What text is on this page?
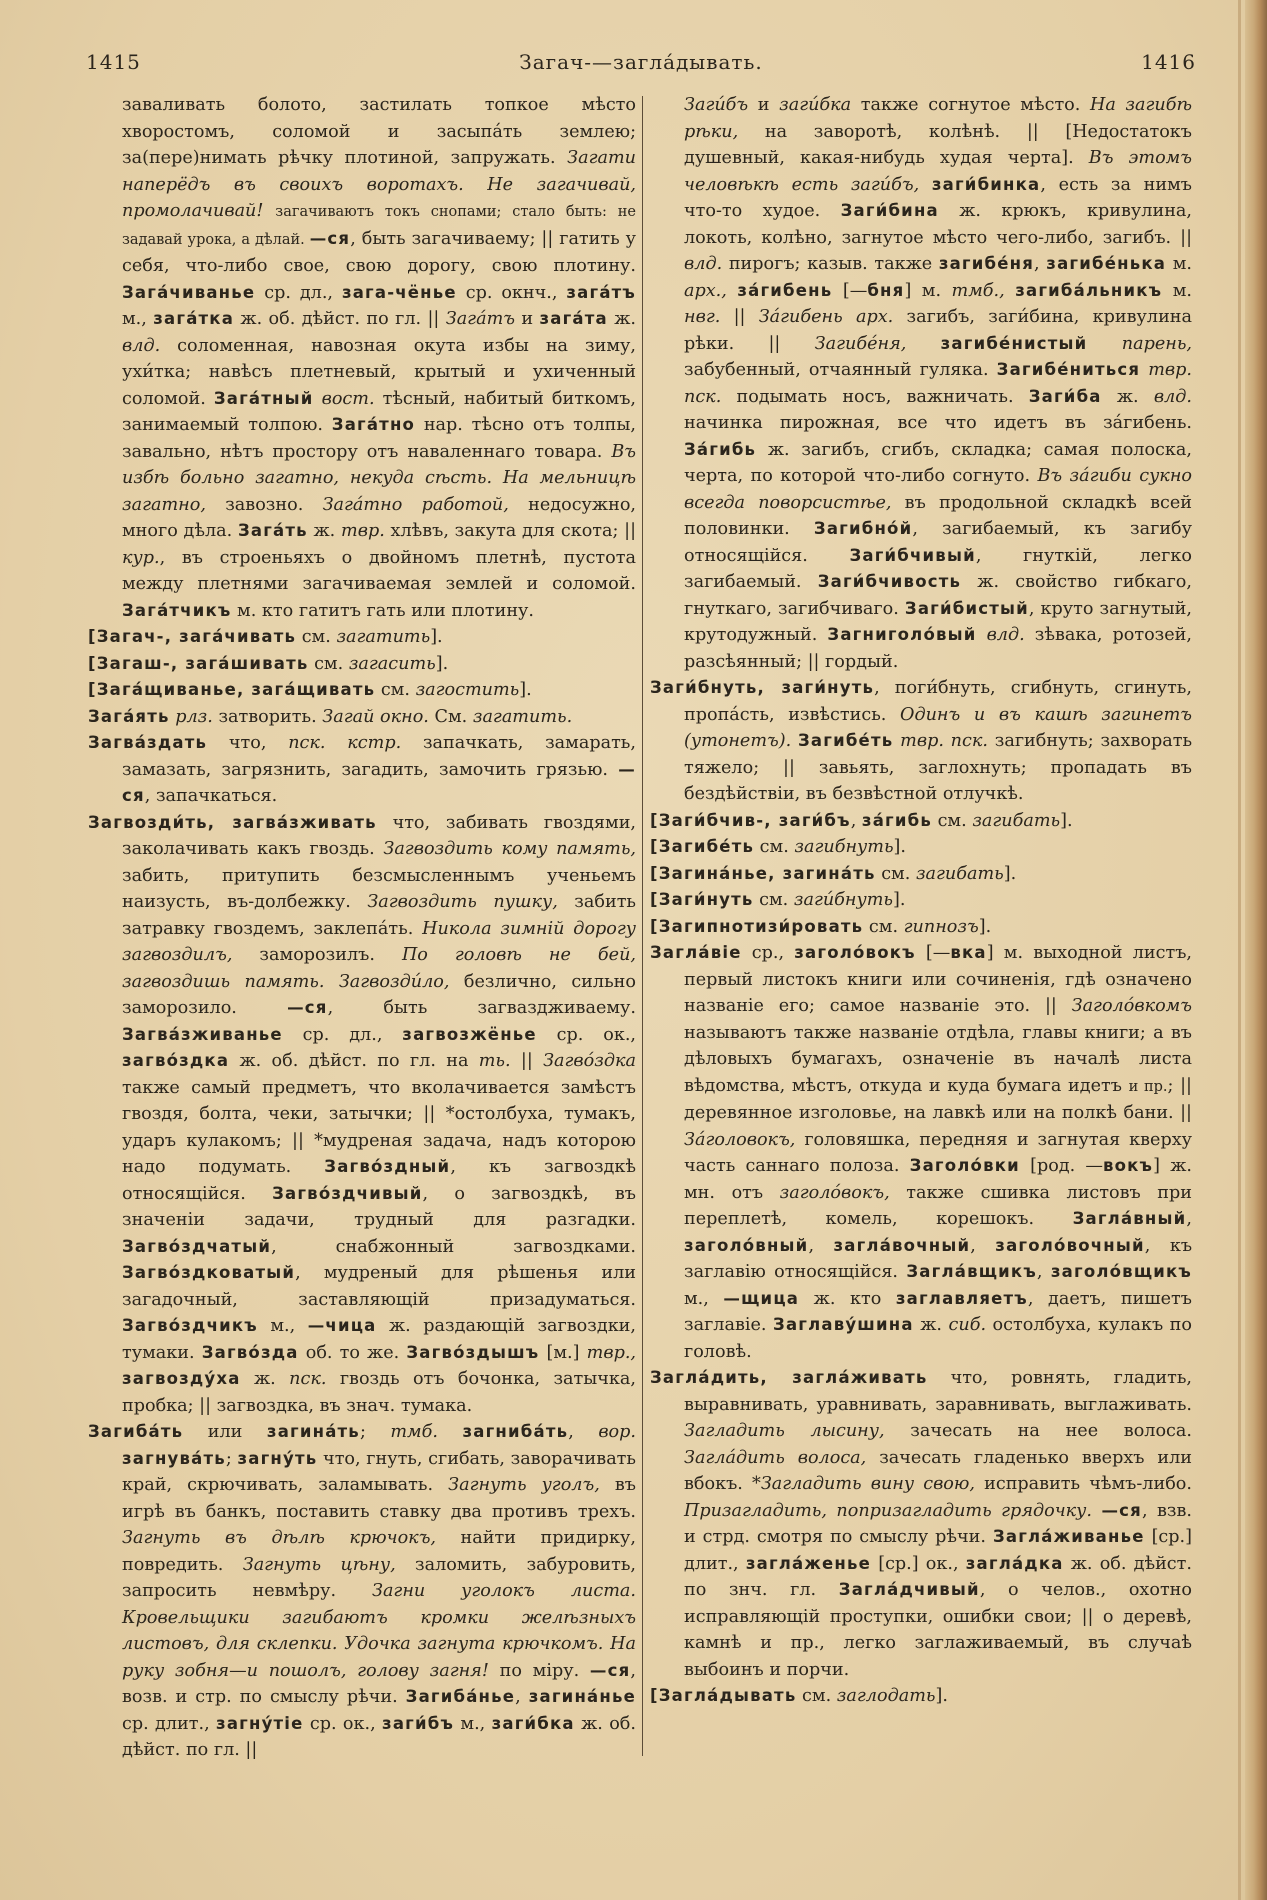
1415	Загач-—загла́дывать.	1416

заваливать болото, застилать топкое мѣсто хворостомъ, соломой и засыпа́ть землею; за(пере)нимать рѣчку плотиной, запружать. Загати наперёдъ въ своихъ воротахъ. Не загачивай, промолачивай! загачиваютъ токъ снопами; стало быть: не задавай урока, а дѣлай. —ся, быть загачиваему; || гатить у себя, что-либо свое, свою дорогу, свою плотину. Зага́чиванье ср. дл., зага-чёнье ср. окнч., зага́тъ м., зага́тка ж. об. дѣйст. по гл. || Зага́тъ и зага́та ж. влд. соломенная, навозная окута избы на зиму, ухи́тка; навѣсъ плетневый, крытый и ухиченный соломой. Зага́тный вост. тѣсный, набитый биткомъ, занимаемый толпою. Зага́тно нар. тѣсно отъ толпы, завально, нѣтъ простору отъ наваленнаго товара. Въ избѣ больно загатно, некуда сѣсть. На мельницѣ загатно, завозно. Зага́тно работой, недосужно, много дѣла. Зага́ть ж. твр. хлѣвъ, закута для скота; || кур., въ строеньяхъ о двойномъ плетнѣ, пустота между плетнями загачиваемая землей и соломой. Зага́тчикъ м. кто гатитъ гать или плотину.

[Загач-, зага́чивать см. загатить].

[Загаш-, зага́шивать см. загасить].

[Зага́щиванье, зага́щивать см. загостить].

Зага́ять рлз. затворить. Загай окно. См. загатить.

Загва́здать что, пск. кстр. запачкать, замарать, замазать, загрязнить, загадить, замочить грязью. —ся, запачкаться.

Загвозди́ть, загва́зживать что, забивать гвоздями, заколачивать какъ гвоздь. Загвоздить кому память, забить, притупить безсмысленнымъ ученьемъ наизусть, въ-долбежку. Загвоздить пушку, забить затравку гвоздемъ, заклепа́ть. Никола зимній дорогу загвоздилъ, заморозилъ. По головѣ не бей, загвоздишь память. Загвозди́ло, безлично, сильно заморозило. —ся, быть загваздживаему. Загва́зживанье ср. дл., загвозжёнье ср. ок., загво́здка ж. об. дѣйст. по гл. на ть. || Загво́здка также самый предметъ, что вколачивается замѣстъ гвоздя, болта, чеки, затычки; || *остолбуха, тумакъ, ударъ кулакомъ; || *мудреная задача, надъ которою надо подумать. Загво́здный, къ загвоздкѣ относящійся. Загво́здчивый, о загвоздкѣ, въ значеніи задачи, трудный для разгадки. Загво́здчатый, снабжонный загвоздками. Загво́здковатый, мудреный для рѣшенья или загадочный, заставляющій призадуматься. Загво́здчикъ м., —чица ж. раздающій загвоздки, тумаки. Загво́зда об. то же. Загво́здышъ [м.] твр., загвозду́ха ж. пск. гвоздь отъ бочонка, затычка, пробка; || загвоздка, въ знач. тумака.

Загиба́ть или загина́ть; тмб. загниба́ть, вор. загнува́ть; загну́ть что, гнуть, сгибать, заворачивать край, скрючивать, заламывать. Загнуть уголъ, въ игрѣ въ банкъ, поставить ставку два противъ трехъ. Загнуть въ дѣлѣ крючокъ, найти придирку, повредить. Загнуть цѣну, заломить, забуровить, запросить невмѣру. Загни уголокъ листа. Кровельщики загибаютъ кромки желѣзныхъ листовъ, для склепки. Удочка загнута крючкомъ. На руку зобня—и пошолъ, голову загня! по міру. —ся, возв. и стр. по смыслу рѣчи. Загиба́нье, загина́нье ср. длит., загну́тіе ср. ок., заги́бъ м., заги́бка ж. об. дѣйст. по гл. ||

Заги́бъ и заги́бка также согнутое мѣсто. На загибѣ рѣки, на заворотѣ, колѣнѣ. || [Недостатокъ душевный, какая-нибудь худая черта]. Въ этомъ человѣкѣ есть заги́бъ, заги́бинка, есть за нимъ что-то худое. Заги́бина ж. крюкъ, кривулина, локоть, колѣно, загнутое мѣсто чего-либо, загибъ. || влд. пирогъ; казыв. также загибе́ня, загибе́нька м. арх., за́гибень [—бня] м. тмб., загиба́льникъ м. нвг. || За́гибень арх. загибъ, заги́бина, кривулина рѣки. || Загибе́ня, загибе́нистый парень, забубенный, отчаянный гуляка. Загибе́ниться твр. пск. подымать носъ, важничать. Заги́ба ж. влд. начинка пирожная, все что идетъ въ за́гибень. За́гибь ж. загибъ, сгибъ, складка; самая полоска, черта, по которой что-либо согнуто. Въ за́гиби сукно всегда поворсистѣе, въ продольной складкѣ всей половинки. Загибно́й, загибаемый, къ загибу относящійся. Заги́бчивый, гнуткій, легко загибаемый. Заги́бчивость ж. свойство гибкаго, гнуткаго, загибчиваго. Заги́бистый, круто загнутый, крутодужный. Загниголо́вый влд. зѣвака, ротозей, разсѣянный; || гордый.

Заги́бнуть, заги́нуть, поги́бнуть, сгибнуть, сгинуть, пропа́сть, извѣстись. Одинъ и въ кашѣ загинетъ (утонетъ). Загибе́ть твр. пск. загибнуть; захворать тяжело; || завьять, заглохнуть; пропадать въ бездѣйствіи, въ безвѣстной отлучкѣ.

[Заги́бчив-, заги́бъ, за́гибь см. загибать].

[Загибе́ть см. загибнуть].

[Загина́нье, загина́ть см. загибать].

[Заги́нуть см. заги́бнуть].

[Загипнотизи́ровать см. гипнозъ].

Загла́віе ср., заголо́вокъ [—вка] м. выходной листъ, первый листокъ книги или сочиненія, гдѣ означено названіе его; самое названіе это. || Заголо́вкомъ называютъ также названіе отдѣла, главы книги; а въ дѣловыхъ бумагахъ, означеніе въ началѣ листа вѣдомства, мѣстъ, откуда и куда бумага идетъ и пр.; || деревянное изголовье, на лавкѣ или на полкѣ бани. || За́головокъ, головяшка, передняя и загнутая кверху часть саннаго полоза. Заголо́вки [род. —вокъ] ж. мн. отъ заголо́вокъ, также сшивка листовъ при переплетѣ, комель, корешокъ. Загла́вный, заголо́вный, загла́вочный, заголо́вочный, къ заглавію относящійся. Загла́вщикъ, заголо́вщикъ м., —щица ж. кто заглавляетъ, даетъ, пишетъ заглавіе. Заглаву́шина ж. сиб. остолбуха, кулакъ по головѣ.

Загла́дить, загла́живать что, ровнять, гладить, выравнивать, уравнивать, заравнивать, выглаживать. Загладить лысину, зачесать на нее волоса. Загла́дить волоса, зачесать гладенько вверхъ или вбокъ. *Загладить вину свою, исправить чѣмъ-либо. Призагладить, попризагладить грядочку. —ся, взв. и стрд. смотря по смыслу рѣчи. Загла́живанье [ср.] длит., загла́женье [ср.] ок., загла́дка ж. об. дѣйст. по знч. гл. Загла́дчивый, о челов., охотно исправляющій проступки, ошибки свои; || о деревѣ, камнѣ и пр., легко заглаживаемый, въ случаѣ выбоинъ и порчи.

[Загла́дывать см. заглодать].
